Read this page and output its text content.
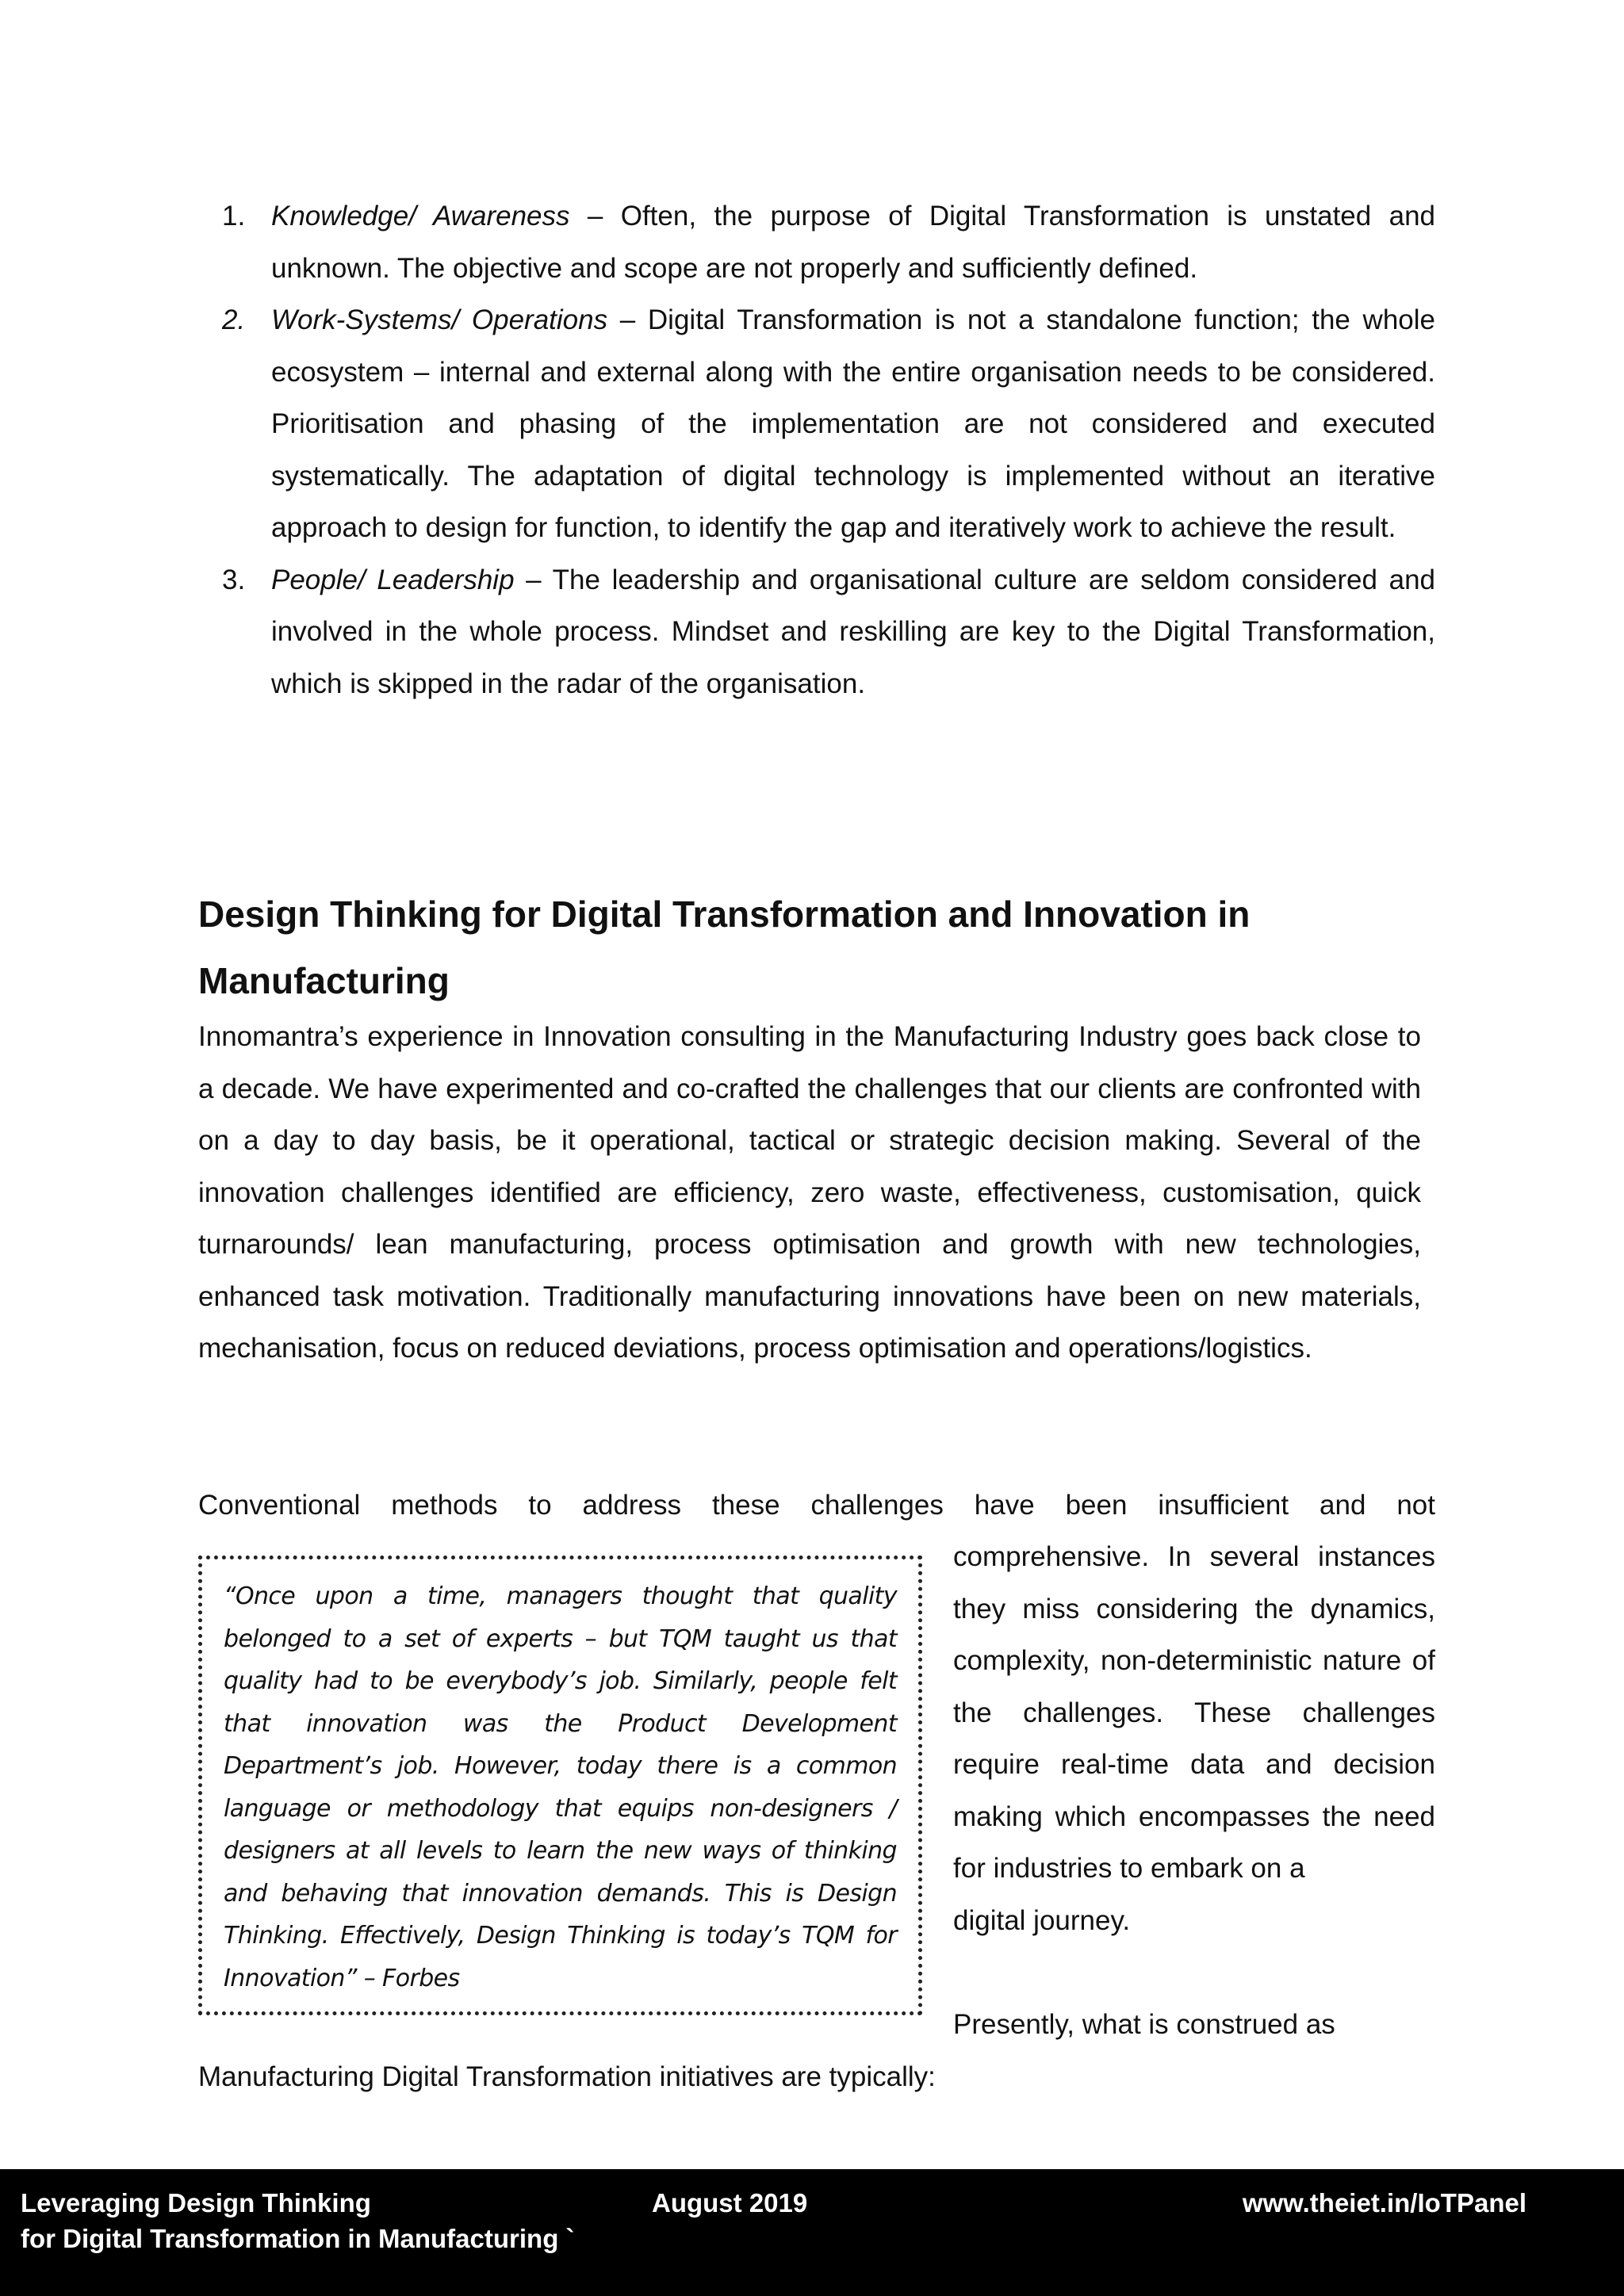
1. Knowledge/ Awareness – Often, the purpose of Digital Transformation is unstated and unknown. The objective and scope are not properly and sufficiently defined.
2. Work-Systems/ Operations – Digital Transformation is not a standalone function; the whole ecosystem – internal and external along with the entire organisation needs to be considered. Prioritisation and phasing of the implementation are not considered and executed systematically. The adaptation of digital technology is implemented without an iterative approach to design for function, to identify the gap and iteratively work to achieve the result.
3. People/ Leadership – The leadership and organisational culture are seldom considered and involved in the whole process. Mindset and reskilling are key to the Digital Transformation, which is skipped in the radar of the organisation.
Design Thinking for Digital Transformation and Innovation in Manufacturing

Innomantra’s experience in Innovation consulting in the Manufacturing Industry goes back close to a decade. We have experimented and co-crafted the challenges that our clients are confronted with on a day to day basis, be it operational, tactical or strategic decision making. Several of the innovation challenges identified are efficiency, zero waste, effectiveness, customisation, quick turnarounds/ lean manufacturing, process optimisation and growth with new technologies, enhanced task motivation. Traditionally manufacturing innovations have been on new materials, mechanisation, focus on reduced deviations, process optimisation and operations/logistics.

Conventional methods to address these challenges have been insufficient and not

“Once upon a time, managers thought that quality belonged to a set of experts – but TQM taught us that quality had to be everybody’s job. Similarly, people felt that innovation was the Product Development Department’s job. However, today there is a common language or methodology that equips non-designers / designers at all levels to learn the new ways of thinking and behaving that innovation demands. This is Design Thinking. Effectively, Design Thinking is today’s TQM for Innovation” – Forbes

comprehensive. In several instances they miss considering the dynamics, complexity, non-deterministic nature of the challenges. These challenges require real-time data and decision making which encompasses the need for industries to embark on a
digital journey.

Presently, what is construed as

Manufacturing Digital Transformation initiatives are typically:

Leveraging Design Thinking
for Digital Transformation in Manufacturing `
August 2019	www.theiet.in/IoTPanel
